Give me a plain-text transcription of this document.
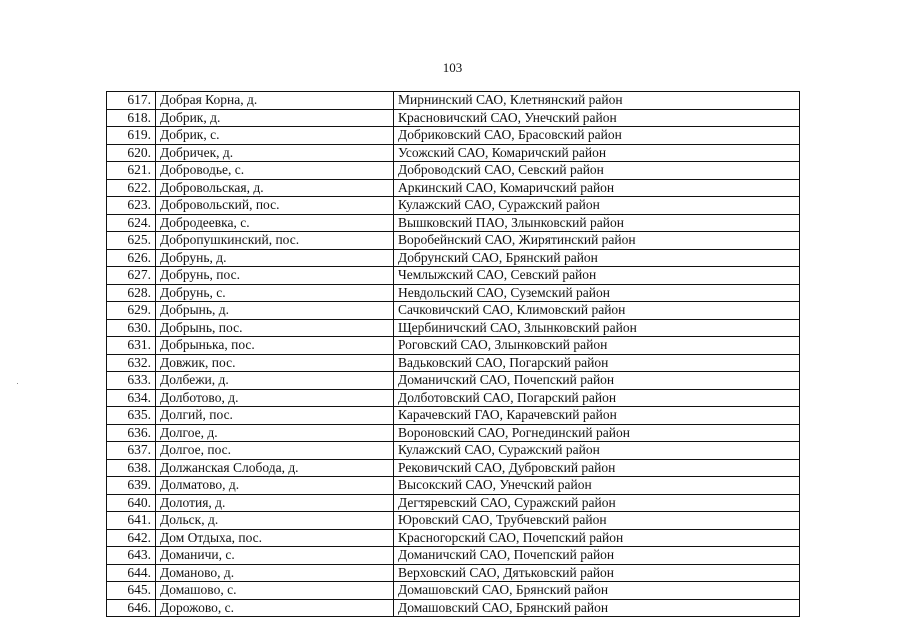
103
617.	Добрая Корна, д.	Мирнинский САО, Клетнянский район
618.	Добрик, д.	Красновичский САО, Унечский район
619.	Добрик, с.	Добриковский САО, Брасовский район
620.	Добричек, д.	Усожский САО, Комаричский район
621.	Доброводье, с.	Доброводский САО, Севский район
622.	Добровольская, д.	Аркинский САО, Комаричский район
623.	Добровольский, пос.	Кулажский САО, Суражский район
624.	Добродеевка, с.	Вышковский ПАО, Злынковский район
625.	Добропушкинский, пос.	Воробейнский САО, Жирятинский район
626.	Добрунь, д.	Добрунский САО, Брянский район
627.	Добрунь, пос.	Чемлыжский САО, Севский район
628.	Добрунь, с.	Невдольский САО, Суземский район
629.	Добрынь, д.	Сачковичский САО, Климовский район
630.	Добрынь, пос.	Щербиничский САО, Злынковский район
631.	Добрынька, пос.	Роговский САО, Злынковский район
632.	Довжик, пос.	Вадьковский САО, Погарский район
633.	Долбежи, д.	Доманичский САО, Почепский район
634.	Долботово, д.	Долботовский САО, Погарский район
635.	Долгий, пос.	Карачевский ГАО, Карачевский район
636.	Долгое, д.	Вороновский САО, Рогнединский район
637.	Долгое, пос.	Кулажский САО, Суражский район
638.	Должанская Слобода, д.	Рековичский САО, Дубровский район
639.	Долматово, д.	Высокский САО, Унечский район
640.	Долотия, д.	Дегтяревский САО, Суражский район
641.	Дольск, д.	Юровский САО, Трубчевский район
642.	Дом Отдыха, пос.	Красногорский САО, Почепский район
643.	Доманичи, с.	Доманичский САО, Почепский район
644.	Доманово, д.	Верховский САО, Дятьковский район
645.	Домашово, с.	Домашовский САО, Брянский район
646.	Дорожово, с.	Домашовский САО, Брянский район
